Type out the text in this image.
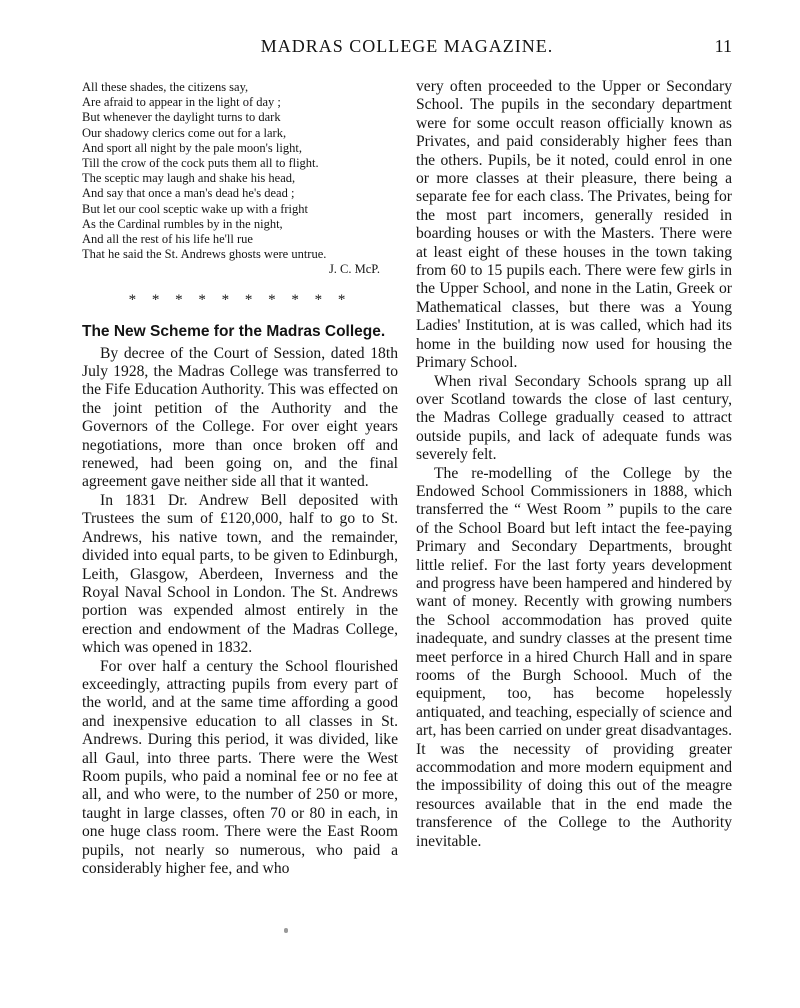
MADRAS COLLEGE MAGAZINE.	11
All these shades, the citizens say,
Are afraid to appear in the light of day ;
But whenever the daylight turns to dark
Our shadowy clerics come out for a lark,
And sport all night by the pale moon's light,
Till the crow of the cock puts them all to flight.
The sceptic may laugh and shake his head,
And say that once a man's dead he's dead ;
But let our cool sceptic wake up with a fright
As the Cardinal rumbles by in the night,
And all the rest of his life he'll rue
That he said the St. Andrews ghosts were untrue.
J. C. McP.
* * * * * * * * * *
The New Scheme for the Madras College.

By decree of the Court of Session, dated 18th July 1928, the Madras College was transferred to the Fife Education Authority. This was effected on the joint petition of the Authority and the Governors of the College. For over eight years negotiations, more than once broken off and renewed, had been going on, and the final agreement gave neither side all that it wanted.

In 1831 Dr. Andrew Bell deposited with Trustees the sum of £120,000, half to go to St. Andrews, his native town, and the remainder, divided into equal parts, to be given to Edinburgh, Leith, Glasgow, Aberdeen, Inverness and the Royal Naval School in London. The St. Andrews portion was expended almost entirely in the erection and endowment of the Madras College, which was opened in 1832.

For over half a century the School flourished exceedingly, attracting pupils from every part of the world, and at the same time affording a good and inexpensive education to all classes in St. Andrews. During this period, it was divided, like all Gaul, into three parts. There were the West Room pupils, who paid a nominal fee or no fee at all, and who were, to the number of 250 or more, taught in large classes, often 70 or 80 in each, in one huge class room. There were the East Room pupils, not nearly so numerous, who paid a considerably higher fee, and who

very often proceeded to the Upper or Secondary School. The pupils in the secondary department were for some occult reason officially known as Privates, and paid considerably higher fees than the others. Pupils, be it noted, could enrol in one or more classes at their pleasure, there being a separate fee for each class. The Privates, being for the most part incomers, generally resided in boarding houses or with the Masters. There were at least eight of these houses in the town taking from 60 to 15 pupils each. There were few girls in the Upper School, and none in the Latin, Greek or Mathematical classes, but there was a Young Ladies' Institution, at is was called, which had its home in the building now used for housing the Primary School.

When rival Secondary Schools sprang up all over Scotland towards the close of last century, the Madras College gradually ceased to attract outside pupils, and lack of adequate funds was severely felt.

The re-modelling of the College by the Endowed School Commissioners in 1888, which transferred the “ West Room ” pupils to the care of the School Board but left intact the fee-paying Primary and Secondary Departments, brought little relief. For the last forty years development and progress have been hampered and hindered by want of money. Recently with growing numbers the School accommodation has proved quite inadequate, and sundry classes at the present time meet perforce in a hired Church Hall and in spare rooms of the Burgh Schoool. Much of the equipment, too, has become hopelessly antiquated, and teaching, especially of science and art, has been carried on under great disadvantages. It was the necessity of providing greater accommodation and more modern equipment and the impossibility of doing this out of the meagre resources available that in the end made the transference of the College to the Authority inevitable.
